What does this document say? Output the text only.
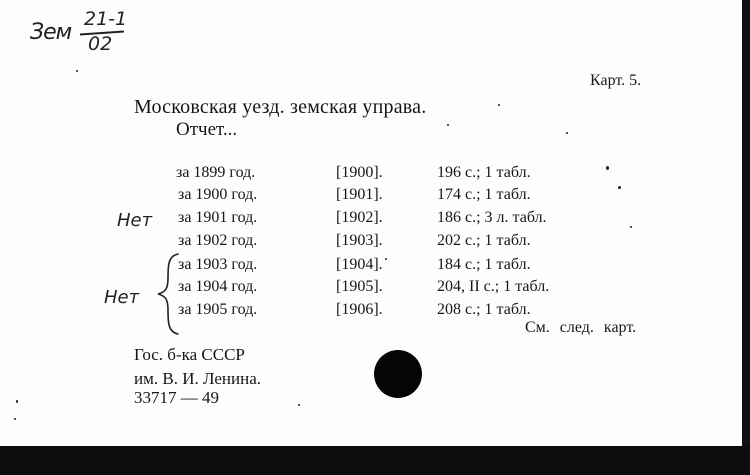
Зем
21-1
02
Карт. 5.
Московская уезд. земская управа.
Отчет...
за 1899 год.	[1900].	196 с.; 1 табл.
за 1900 год.	[1901].	174 с.; 1 табл.
за 1901 год.	[1902].	186 с.; 3 л. табл.
за 1902 год.	[1903].	202 с.; 1 табл.
за 1903 год.	[1904].	184 с.; 1 табл.
за 1904 год.	[1905].	204, II с.; 1 табл.
за 1905 год.	[1906].	208 с.; 1 табл.
Нет
Нет
См. след. карт.
Гос. б-ка СССР
им. В. И. Ленина.
33717 — 49
